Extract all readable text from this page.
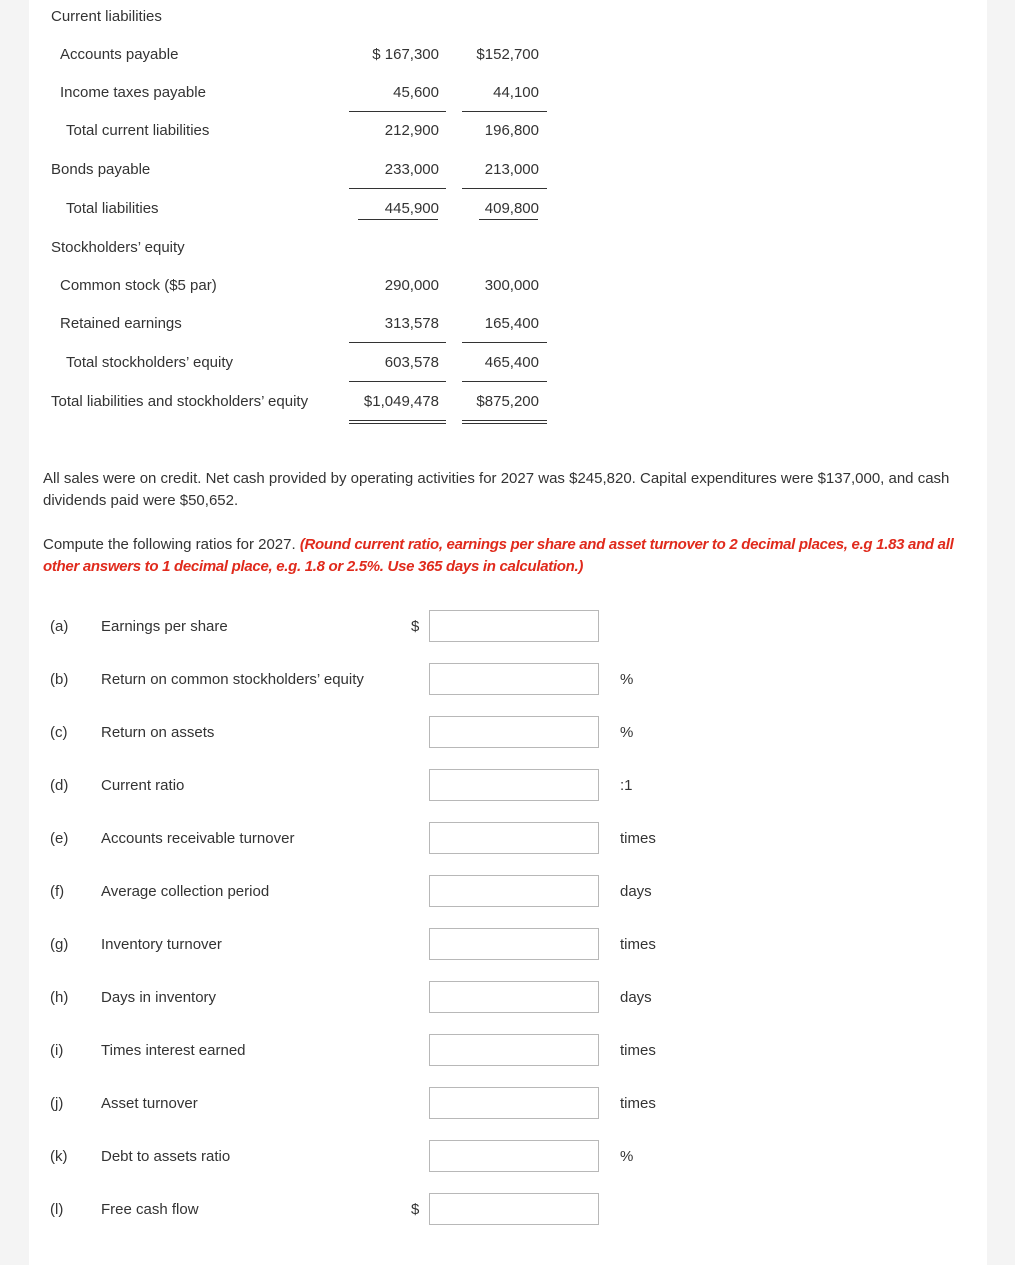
Current liabilities
Accounts payable	$ 167,300	$152,700
Income taxes payable	45,600	44,100
Total current liabilities	212,900	196,800
Bonds payable	233,000	213,000
Total liabilities	445,900	409,800
Stockholders’ equity
Common stock ($5 par)	290,000	300,000
Retained earnings	313,578	165,400
Total stockholders’ equity	603,578	465,400
Total liabilities and stockholders’ equity	$1,049,478	$875,200
All sales were on credit. Net cash provided by operating activities for 2027 was $245,820. Capital expenditures were $137,000, and cash dividends paid were $50,652.
Compute the following ratios for 2027. (Round current ratio, earnings per share and asset turnover to 2 decimal places, e.g 1.83 and all other answers to 1 decimal place, e.g. 1.8 or 2.5%. Use 365 days in calculation.)
(a) Earnings per share	$
(b) Return on common stockholders’ equity	%
(c) Return on assets	%
(d) Current ratio	:1
(e) Accounts receivable turnover	times
(f) Average collection period	days
(g) Inventory turnover	times
(h) Days in inventory	days
(i)	Times interest earned	times
(j)	Asset turnover	times
(k) Debt to assets ratio	%
(l)	Free cash flow	$
